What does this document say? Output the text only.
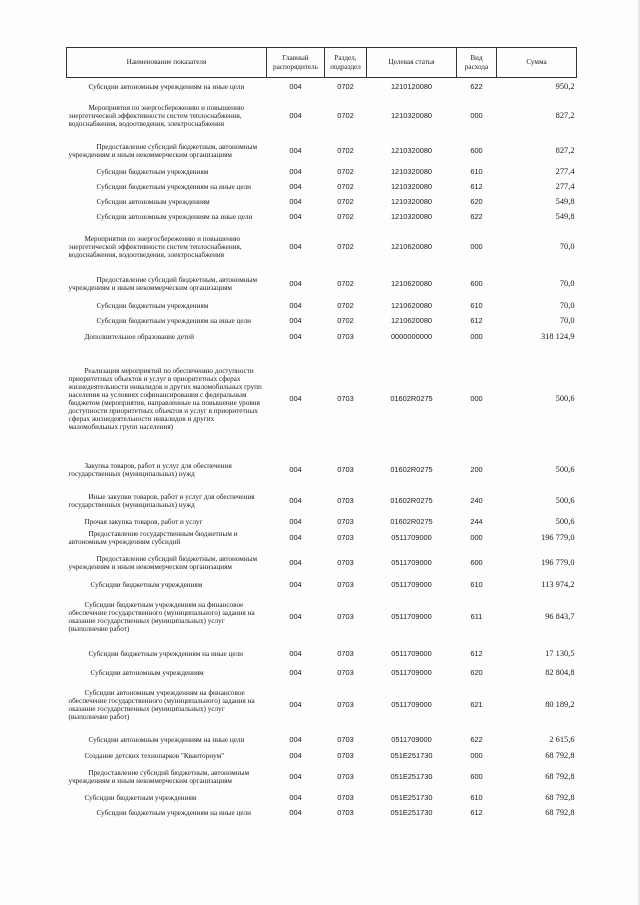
Наименование показателя	Главный распорядитель	Раздел, подраздел	Целевая статья	Вид расхода	Сумма

Субсидии автономным учреждениям на иные цели	004	0702	1210120080	622	950,2

Мероприятия по энергосбережению и повышению энергетической эффективности систем теплоснабжения, водоснабжения, водоотведения, электроснабжения	004	0702	1210320080	000	827,2

Предоставление субсидий бюджетным, автономным учреждениям и иным некоммерческим организациям	004	0702	1210320080	600	827,2

Субсидии бюджетным учреждениям	004	0702	1210320080	610	277,4

Субсидии бюджетным учреждениям на иные цели	004	0702	1210320080	612	277,4

Субсидии автономным учреждениям	004	0702	1210320080	620	549,8

Субсидии автономным учреждениям на иные цели	004	0702	1210320080	622	549,8

Мероприятия по энергосбережению и повышению энергетической эффективности систем теплоснабжения, водоснабжения, водоотведения, электроснабжения	004	0702	1210620080	000	70,0

Предоставление субсидий бюджетным, автономным учреждениям и иным некоммерческим организациям	004	0702	1210620080	600	70,0

Субсидии бюджетным учреждениям	004	0702	1210620080	610	70,0

Субсидии бюджетным учреждениям на иные цели	004	0702	1210620080	612	70,0

Дополнительное образование детей	004	0703	0000000000	000	318 124,9

Реализация мероприятий по обеспечению доступности приоритетных объектов и услуг в приоритетных сферах жизнедеятельности инвалидов и других маломобильных групп населения на условиях софинансирования с федеральным бюджетом (мероприятия, направленные на повышение уровня доступности приоритетных объектов и услуг в приоритетных сферах жизнедеятельности инвалидов и других маломобильных групп населения)	004	0703	01602R0275	000	500,6

Закупка товаров, работ и услуг для обеспечения государственных (муниципальных) нужд	004	0703	01602R0275	200	500,6

Иные закупки товаров, работ и услуг для обеспечения государственных (муниципальных) нужд	004	0703	01602R0275	240	500,6

Прочая закупка товаров, работ и услуг	004	0703	01602R0275	244	500,6

Предоставление государственным бюджетным и автономным учреждениям субсидий	004	0703	0511709000	000	196 779,0

Предоставление субсидий бюджетным, автономным учреждениям и иным некоммерческим организациям	004	0703	0511709000	600	196 779,0

Субсидии бюджетным учреждениям	004	0703	0511709000	610	113 974,2

Субсидии бюджетным учреждениям на финансовое обеспечение государственного (муниципального) задания на оказание государственных (муниципальных) услуг (выполнение работ)	004	0703	0511709000	611	96 843,7

Субсидии бюджетным учреждениям на иные цели	004	0703	0511709000	612	17 130,5

Субсидии автономным учреждениям	004	0703	0511709000	620	82 804,8

Субсидии автономным учреждениям на финансовое обеспечение государственного (муниципального) задания на оказание государственных (муниципальных) услуг (выполнение работ)	004	0703	0511709000	621	80 189,2

Субсидии автономным учреждениям на иные цели	004	0703	0511709000	622	2 615,6

Создание детских технопарков "Кванториум"	004	0703	051E251730	000	68 792,8

Предоставление субсидий бюджетным, автономным учреждениям и иным некоммерческим организациям	004	0703	051E251730	600	68 792,8

Субсидии бюджетным учреждениям	004	0703	051E251730	610	68 792,8

Субсидии бюджетным учреждениям на иные цели	004	0703	051E251730	612	68 792,8
